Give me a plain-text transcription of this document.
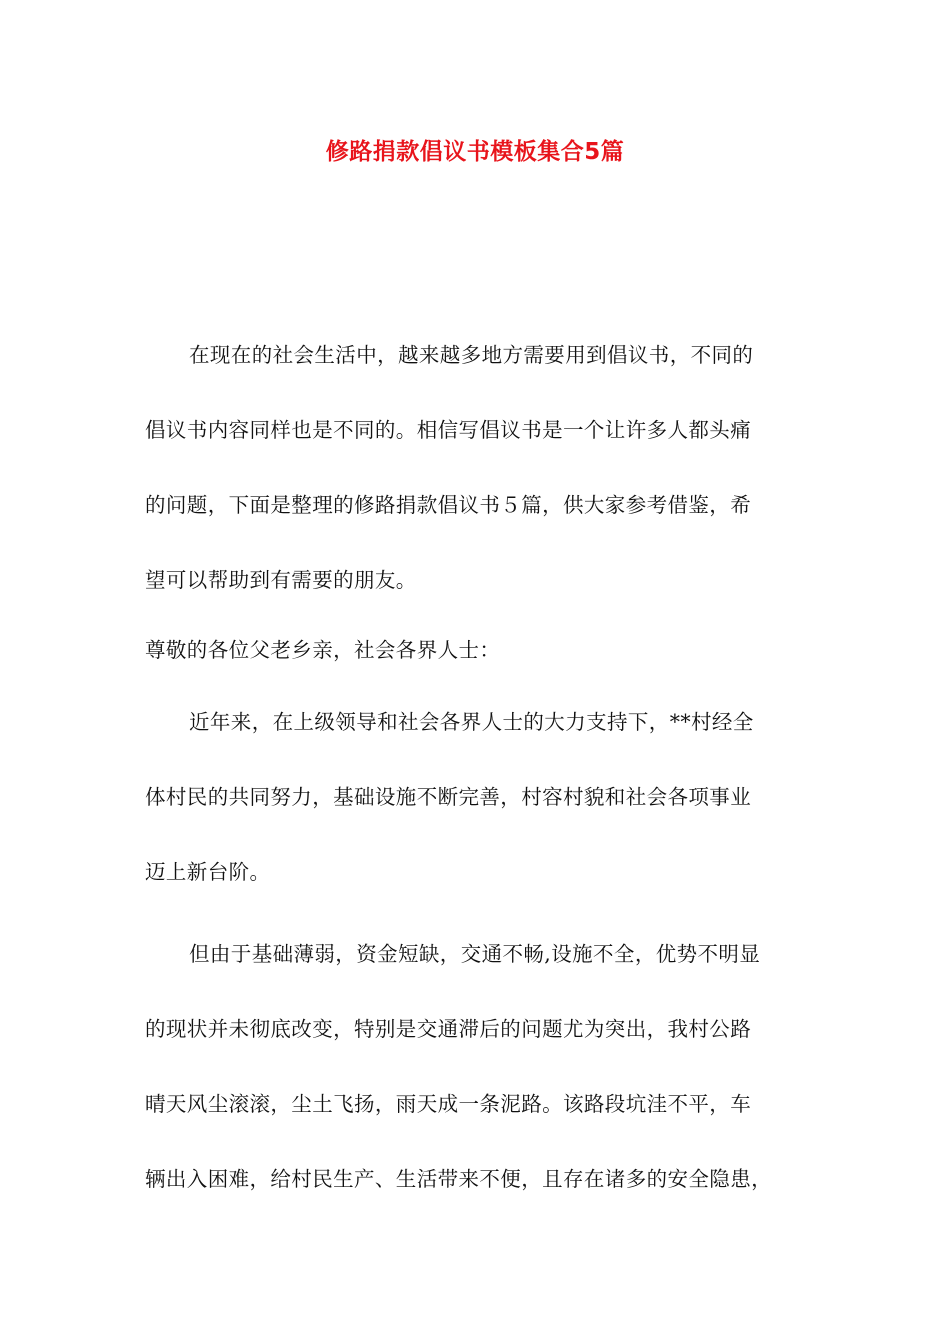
修路捐款倡议书模板集合5篇
在现在的社会生活中，越来越多地方需要用到倡议书，不同的
倡议书内容同样也是不同的。相信写倡议书是一个让许多人都头痛
的问题，下面是整理的修路捐款倡议书５篇，供大家参考借鉴，希
望可以帮助到有需要的朋友。
尊敬的各位父老乡亲，社会各界人士：
近年来，在上级领导和社会各界人士的大力支持下，**村经全
体村民的共同努力，基础设施不断完善，村容村貌和社会各项事业
迈上新台阶。
但由于基础薄弱，资金短缺，交通不畅,设施不全，优势不明显
的现状并未彻底改变，特别是交通滞后的问题尤为突出，我村公路
晴天风尘滚滚，尘土飞扬，雨天成一条泥路。该路段坑洼不平，车
辆出入困难，给村民生产、生活带来不便，且存在诸多的安全隐患，
